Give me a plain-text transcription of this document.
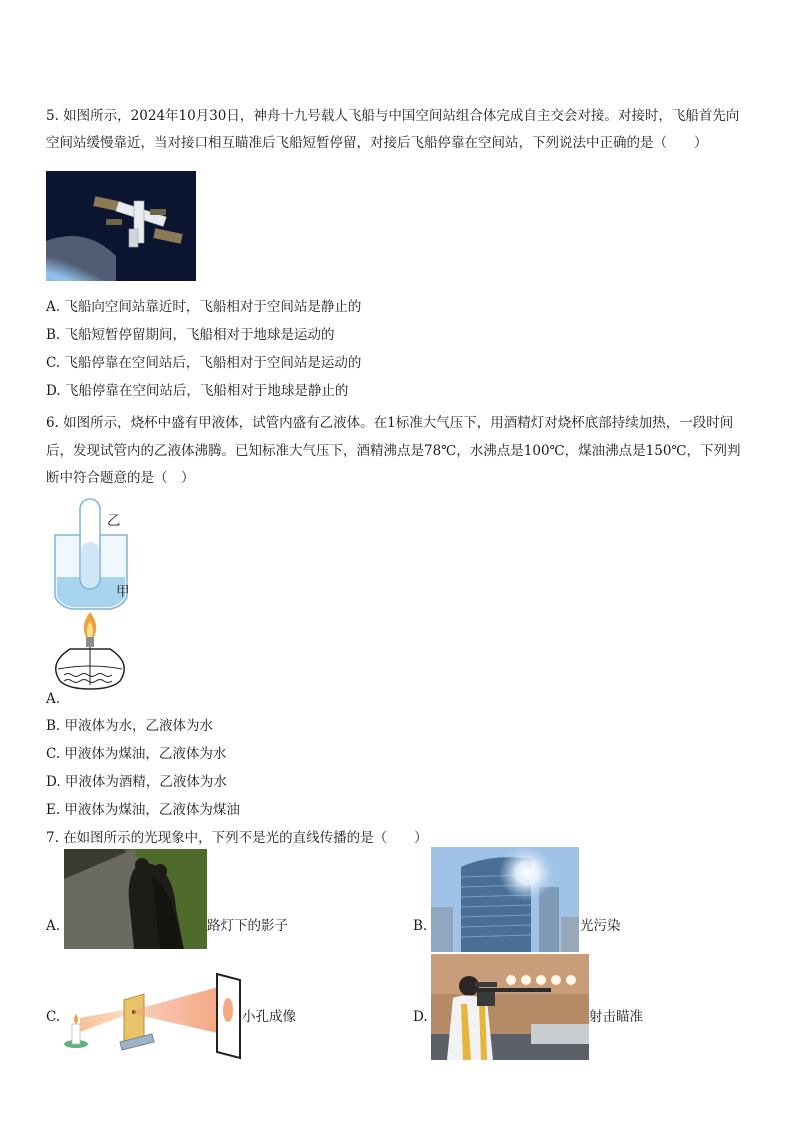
5. 如图所示，2024年10月30日，神舟十九号载人飞船与中国空间站组合体完成自主交会对接。对接时，飞船首先向
空间站缓慢靠近，当对接口相互瞄准后飞船短暂停留，对接后飞船停靠在空间站，下列说法中正确的是（　　）
A. 飞船向空间站靠近时，飞船相对于空间站是静止的
B. 飞船短暂停留期间，飞船相对于地球是运动的
C. 飞船停靠在空间站后，飞船相对于空间站是运动的
D. 飞船停靠在空间站后，飞船相对于地球是静止的
6. 如图所示，烧杯中盛有甲液体，试管内盛有乙液体。在1标准大气压下，用酒精灯对烧杯底部持续加热，一段时间
后，发现试管内的乙液体沸腾。已知标准大气压下，酒精沸点是78℃，水沸点是100℃，煤油沸点是150℃，下列判
断中符合题意的是（　）
乙
甲
A.
B. 甲液体为水，乙液体为水
C. 甲液体为煤油，乙液体为水
D. 甲液体为酒精，乙液体为水
E. 甲液体为煤油，乙液体为煤油
7. 在如图所示的光现象中，下列不是光的直线传播的是（　　）
A.	路灯下的影子	B.	光污染
C.	小孔成像	D.	射击瞄准
